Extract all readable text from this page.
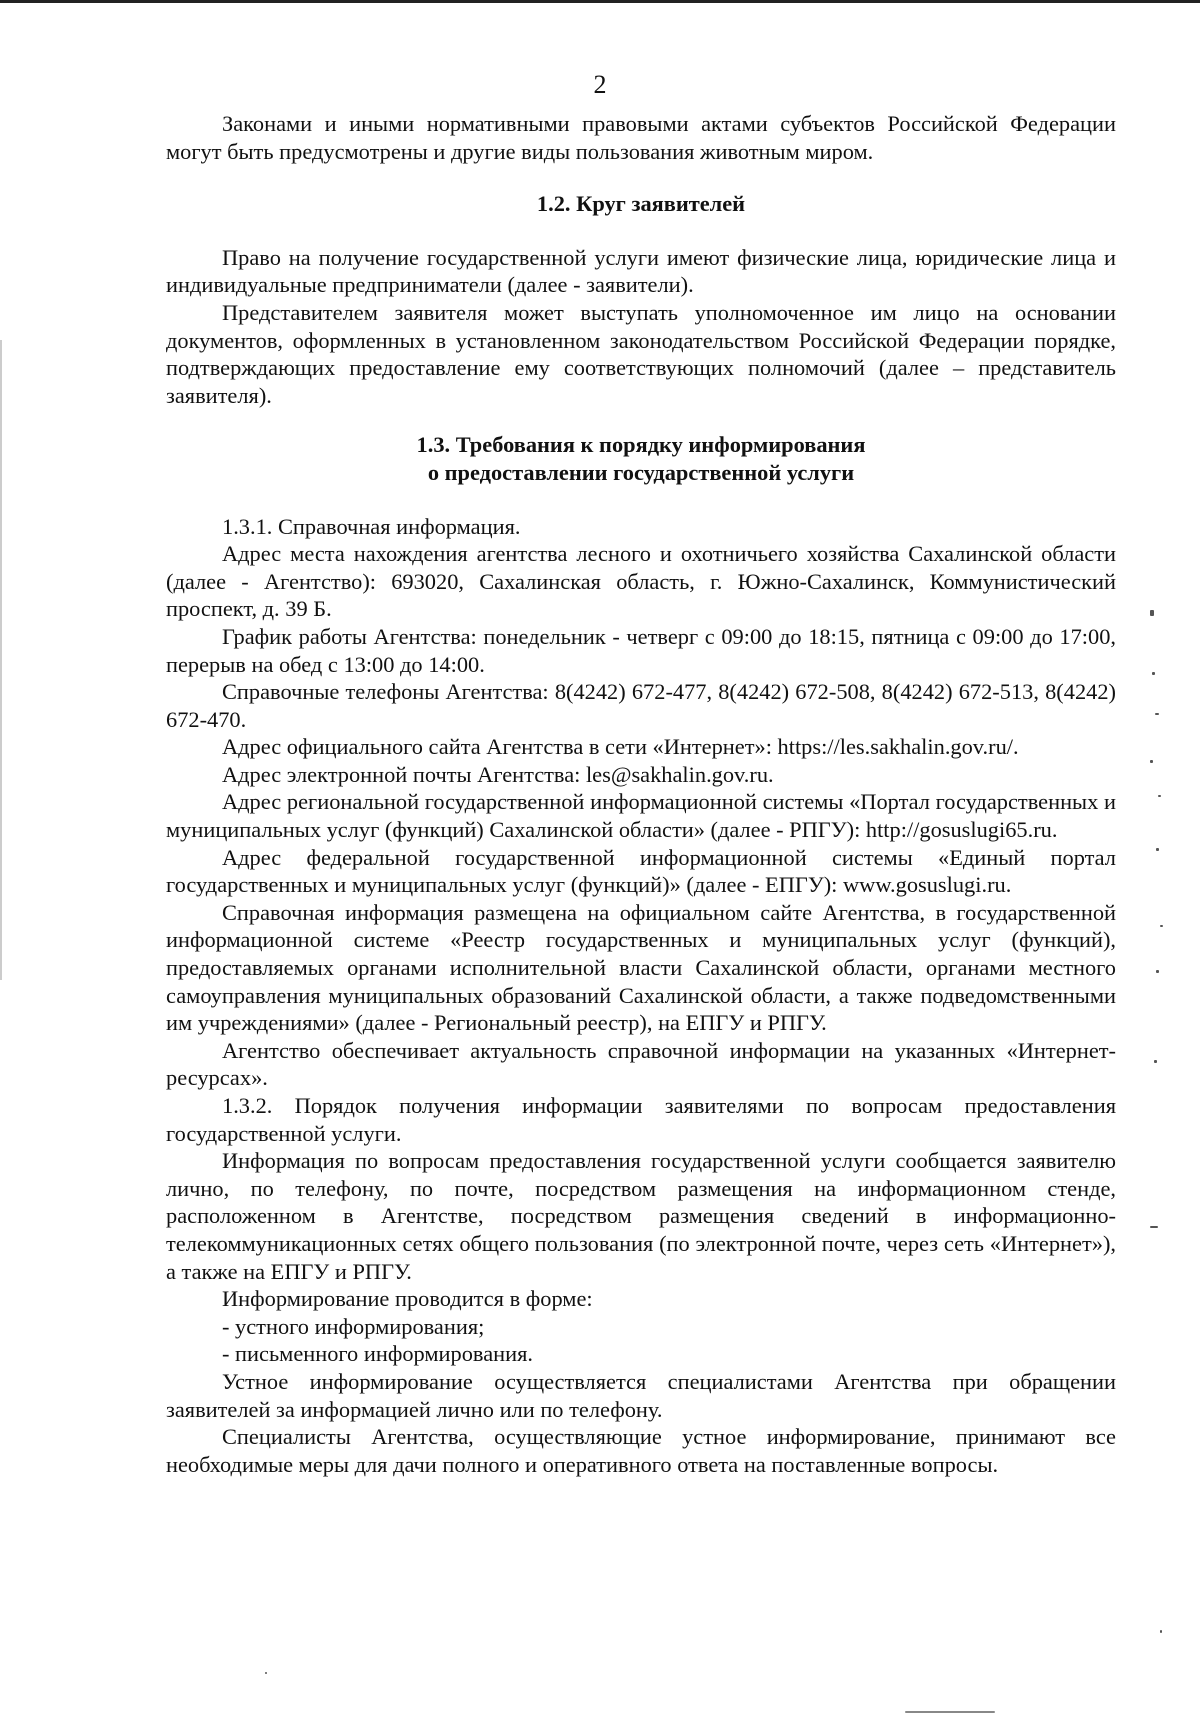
2

Законами и иными нормативными правовыми актами субъектов Российской Федерации могут быть предусмотрены и другие виды пользования животным миром.

1.2. Круг заявителей

Право на получение государственной услуги имеют физические лица, юридические лица и индивидуальные предприниматели (далее - заявители).

Представителем заявителя может выступать уполномоченное им лицо на основании документов, оформленных в установленном законодательством Российской Федерации порядке, подтверждающих предоставление ему соответствующих полномочий (далее – представитель заявителя).

1.3. Требования к порядку информирования
о предоставлении государственной услуги

1.3.1. Справочная информация.

Адрес места нахождения агентства лесного и охотничьего хозяйства Сахалинской области (далее - Агентство): 693020, Сахалинская область, г. Южно-Сахалинск, Коммунистический проспект, д. 39 Б.

График работы Агентства: понедельник - четверг с 09:00 до 18:15, пятница с 09:00 до 17:00, перерыв на обед с 13:00 до 14:00.

Справочные телефоны Агентства: 8(4242) 672-477, 8(4242) 672-508, 8(4242) 672-513, 8(4242) 672-470.

Адрес официального сайта Агентства в сети «Интернет»: https://les.sakhalin.gov.ru/.

Адрес электронной почты Агентства: les@sakhalin.gov.ru.

Адрес региональной государственной информационной системы «Портал государственных и муниципальных услуг (функций) Сахалинской области» (далее - РПГУ): http://gosuslugi65.ru.

Адрес федеральной государственной информационной системы «Единый портал государственных и муниципальных услуг (функций)» (далее - ЕПГУ): www.gosuslugi.ru.

Справочная информация размещена на официальном сайте Агентства, в государственной информационной системе «Реестр государственных и муниципальных услуг (функций), предоставляемых органами исполнительной власти Сахалинской области, органами местного самоуправления муниципальных образований Сахалинской области, а также подведомственными им учреждениями» (далее - Региональный реестр), на ЕПГУ и РПГУ.

Агентство обеспечивает актуальность справочной информации на указанных «Интернет-ресурсах».

1.3.2. Порядок получения информации заявителями по вопросам предоставления государственной услуги.

Информация по вопросам предоставления государственной услуги сообщается заявителю лично, по телефону, по почте, посредством размещения на информационном стенде, расположенном в Агентстве, посредством размещения сведений в информационно-телекоммуникационных сетях общего пользования (по электронной почте, через сеть «Интернет»), а также на ЕПГУ и РПГУ.

Информирование проводится в форме:

- устного информирования;

- письменного информирования.

Устное информирование осуществляется специалистами Агентства при обращении заявителей за информацией лично или по телефону.

Специалисты Агентства, осуществляющие устное информирование, принимают все необходимые меры для дачи полного и оперативного ответа на поставленные вопросы.
